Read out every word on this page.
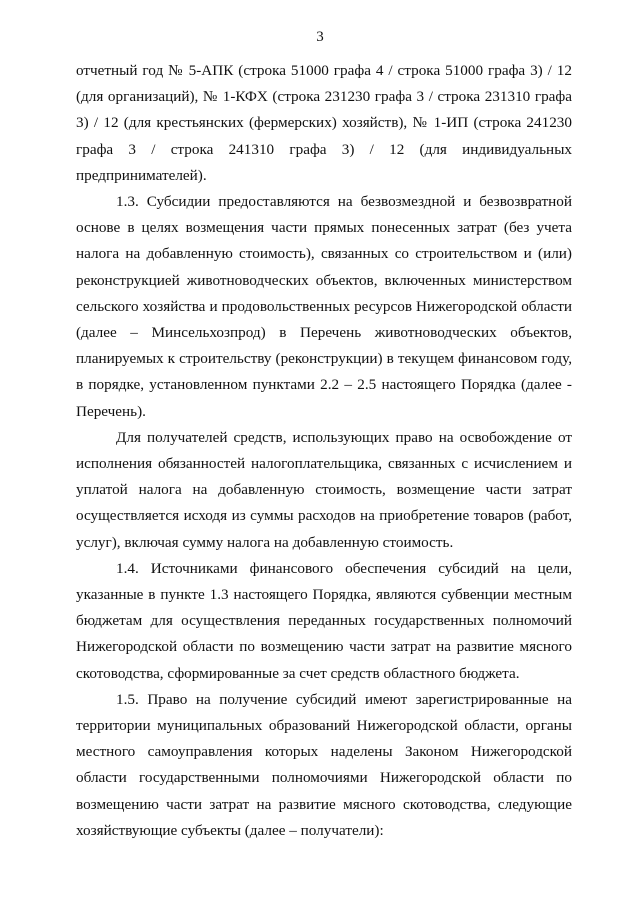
3

отчетный год № 5-АПК (строка 51000 графа 4 / строка 51000 графа 3) / 12 (для организаций), № 1-КФХ (строка 231230 графа 3 / строка 231310 графа 3) / 12 (для крестьянских (фермерских) хозяйств), № 1-ИП (строка 241230 графа 3 / строка 241310 графа 3) / 12 (для индивидуальных предпринимателей).

1.3. Субсидии предоставляются на безвозмездной и безвозвратной основе в целях возмещения части прямых понесенных затрат (без учета налога на добавленную стоимость), связанных со строительством и (или) реконструкцией животноводческих объектов, включенных министерством сельского хозяйства и продовольственных ресурсов Нижегородской области (далее – Минсельхозпрод) в Перечень животноводческих объектов, планируемых к строительству (реконструкции) в текущем финансовом году, в порядке, установленном пунктами 2.2 – 2.5 настоящего Порядка (далее - Перечень).

Для получателей средств, использующих право на освобождение от исполнения обязанностей налогоплательщика, связанных с исчислением и уплатой налога на добавленную стоимость, возмещение части затрат осуществляется исходя из суммы расходов на приобретение товаров (работ, услуг), включая сумму налога на добавленную стоимость.

1.4. Источниками финансового обеспечения субсидий на цели, указанные в пункте 1.3 настоящего Порядка, являются субвенции местным бюджетам для осуществления переданных государственных полномочий Нижегородской области по возмещению части затрат на развитие мясного скотоводства, сформированные за счет средств областного бюджета.

1.5. Право на получение субсидий имеют зарегистрированные на территории муниципальных образований Нижегородской области, органы местного самоуправления которых наделены Законом Нижегородской области государственными полномочиями Нижегородской области по возмещению части затрат на развитие мясного скотоводства, следующие хозяйствующие субъекты (далее – получатели):
